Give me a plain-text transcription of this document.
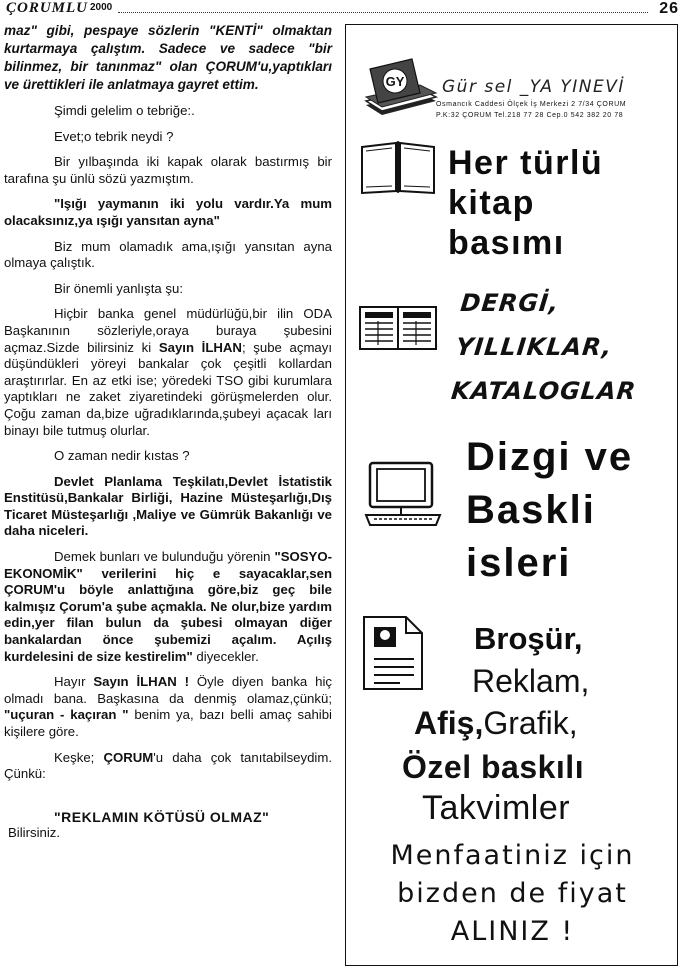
ÇORUMLU 2000	26

maz" gibi, pespaye sözlerin "KENTİ" olmaktan kurtarmaya çalıştım. Sadece ve sadece "bir bilinmez, bir tanınmaz" olan ÇORUM'u,yaptıkları ve ürettikleri ile anlatmaya gayret ettim.

Şimdi gelelim o tebriğe:.

Evet;o tebrik neydi ?

Bir yılbaşında iki kapak olarak bastırmış bir tarafına şu ünlü sözü yazmıştım.

"Işığı yaymanın iki yolu vardır.Ya mum olacaksınız,ya ışığı yansıtan ayna"

Biz mum olamadık ama,ışığı yansıtan ayna olmaya çalıştık.

Bir önemli yanlışta şu:

Hiçbir banka genel müdürlüğü,bir ilin ODA Başkanının sözleriyle,oraya buraya şubesini açmaz.Sizde bilirsiniz ki Sayın İLHAN; şube açmayı düşündükleri yöreyi bankalar çok çeşitli kollardan araştırırlar. En az etki ise; yöredeki TSO gibi kurumlara yaptıkları ne zaket ziyaretindeki görüşmelerden olur. Çoğu zaman da,bize uğradıklarında,şubeyi açacak ları binayı bile tutmuş olurlar.

O zaman nedir kıstas ?

Devlet Planlama Teşkilatı,Devlet İstatistik Enstitüsü,Bankalar Birliği, Hazine Müsteşarlığı,Dış Ticaret Müsteşarlığı ,Maliye ve Gümrük Bakanlığı ve daha niceleri.

Demek bunları ve bulunduğu yörenin "SOSYO-EKONOMİK" verilerini hiç e sayacaklar,sen ÇORUM'u böyle anlattığına göre,biz geç bile kalmışız Çorum'a şube açmakla. Ne olur,bize yardım edin,yer filan bulun da şubesi olmayan diğer bankalardan önce şubemizi açalım. Açılış kurdelesini de size kestirelim" diyecekler.

Hayır Sayın İLHAN ! Öyle diyen banka hiç olmadı bana. Başkasına da denmiş olamaz,çünkü; "uçuran - kaçıran " benim ya, bazı belli amaç sahibi kişilere göre.

Keşke; ÇORUM'u daha çok tanıtabilseydim. Çünkü:

"REKLAMIN KÖTÜSÜ OLMAZ"

Bilirsiniz.

GY Gür sel _YA YINEVİ
Osmancık Caddesi Ölçek İş Merkezi 2 7/34 ÇORUM
P.K:32 ÇORUM Tel.218 77 28 Cep.0 542 382 20 78
Her türlü
kitap
basımı
DERGİ,
YILLIKLAR,
KATALOGLAR
Dizgi ve
Baskli
isleri
Broşür,
Reklam,
Afiş,Grafik,
Özel baskılı
Takvimler
Menfaatiniz için
bizden de fiyat
ALINIZ !
